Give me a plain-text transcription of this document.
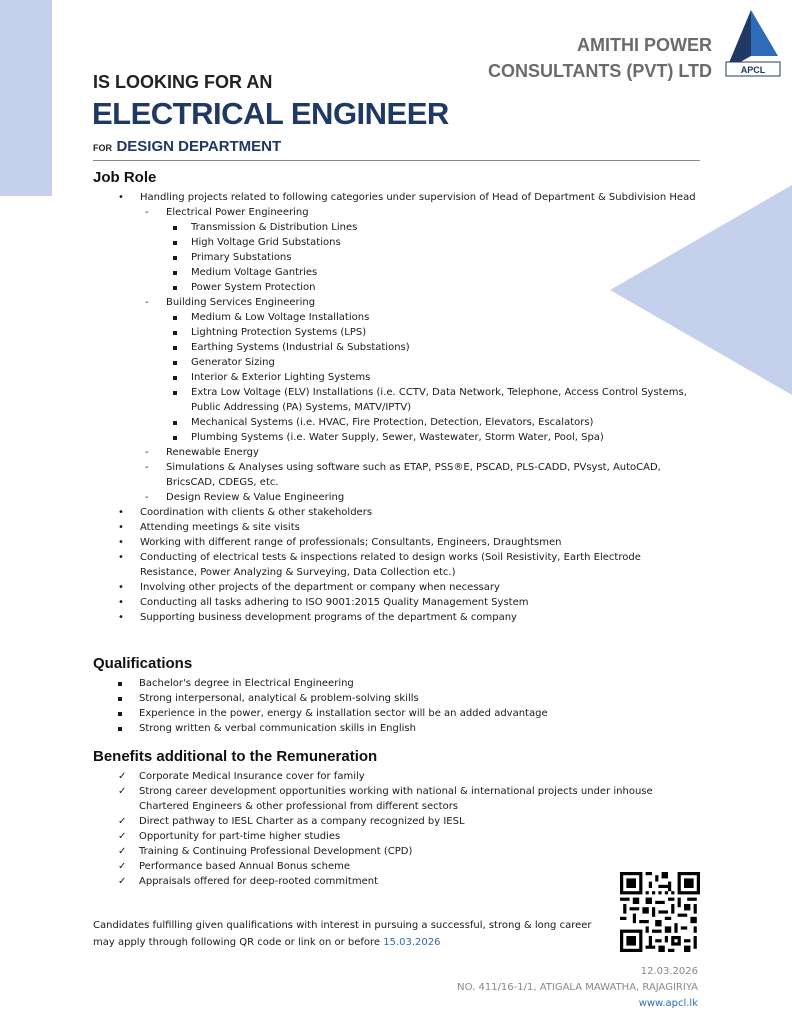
AMITHI POWER
CONSULTANTS (PVT) LTD	APCL
IS LOOKING FOR AN
ELECTRICAL ENGINEER
FOR DESIGN DEPARTMENT
Job Role
• Handling projects related to following categories under supervision of Head of Department & Subdivision Head
- Electrical Power Engineering
Transmission & Distribution Lines
High Voltage Grid Substations
Primary Substations
Medium Voltage Gantries
Power System Protection
- Building Services Engineering
Medium & Low Voltage Installations
Lightning Protection Systems (LPS)
Earthing Systems (Industrial & Substations)
Generator Sizing
Interior & Exterior Lighting Systems
Extra Low Voltage (ELV) Installations (i.e. CCTV, Data Network, Telephone, Access Control Systems, Public Addressing (PA) Systems, MATV/IPTV)
Mechanical Systems (i.e. HVAC, Fire Protection, Detection, Elevators, Escalators)
Plumbing Systems (i.e. Water Supply, Sewer, Wastewater, Storm Water, Pool, Spa)
- Renewable Energy
- Simulations & Analyses using software such as ETAP, PSS®E, PSCAD, PLS-CADD, PVsyst, AutoCAD, BricsCAD, CDEGS, etc.
- Design Review & Value Engineering
• Coordination with clients & other stakeholders
• Attending meetings & site visits
• Working with different range of professionals; Consultants, Engineers, Draughtsmen
• Conducting of electrical tests & inspections related to design works (Soil Resistivity, Earth Electrode Resistance, Power Analyzing & Surveying, Data Collection etc.)
• Involving other projects of the department or company when necessary
• Conducting all tasks adhering to ISO 9001:2015 Quality Management System
• Supporting business development programs of the department & company
Qualifications
Bachelor's degree in Electrical Engineering
Strong interpersonal, analytical & problem-solving skills
Experience in the power, energy & installation sector will be an added advantage
Strong written & verbal communication skills in English
Benefits additional to the Remuneration
✓ Corporate Medical Insurance cover for family
✓ Strong career development opportunities working with national & international projects under inhouse Chartered Engineers & other professional from different sectors
✓ Direct pathway to IESL Charter as a company recognized by IESL
✓ Opportunity for part-time higher studies
✓ Training & Continuing Professional Development (CPD)
✓ Performance based Annual Bonus scheme
✓ Appraisals offered for deep-rooted commitment
Candidates fulfilling given qualifications with interest in pursuing a successful, strong & long career may apply through following QR code or link on or before 15.03.2026
12.03.2026
NO. 411/16-1/1, ATIGALA MAWATHA, RAJAGIRIYA
www.apcl.lk
